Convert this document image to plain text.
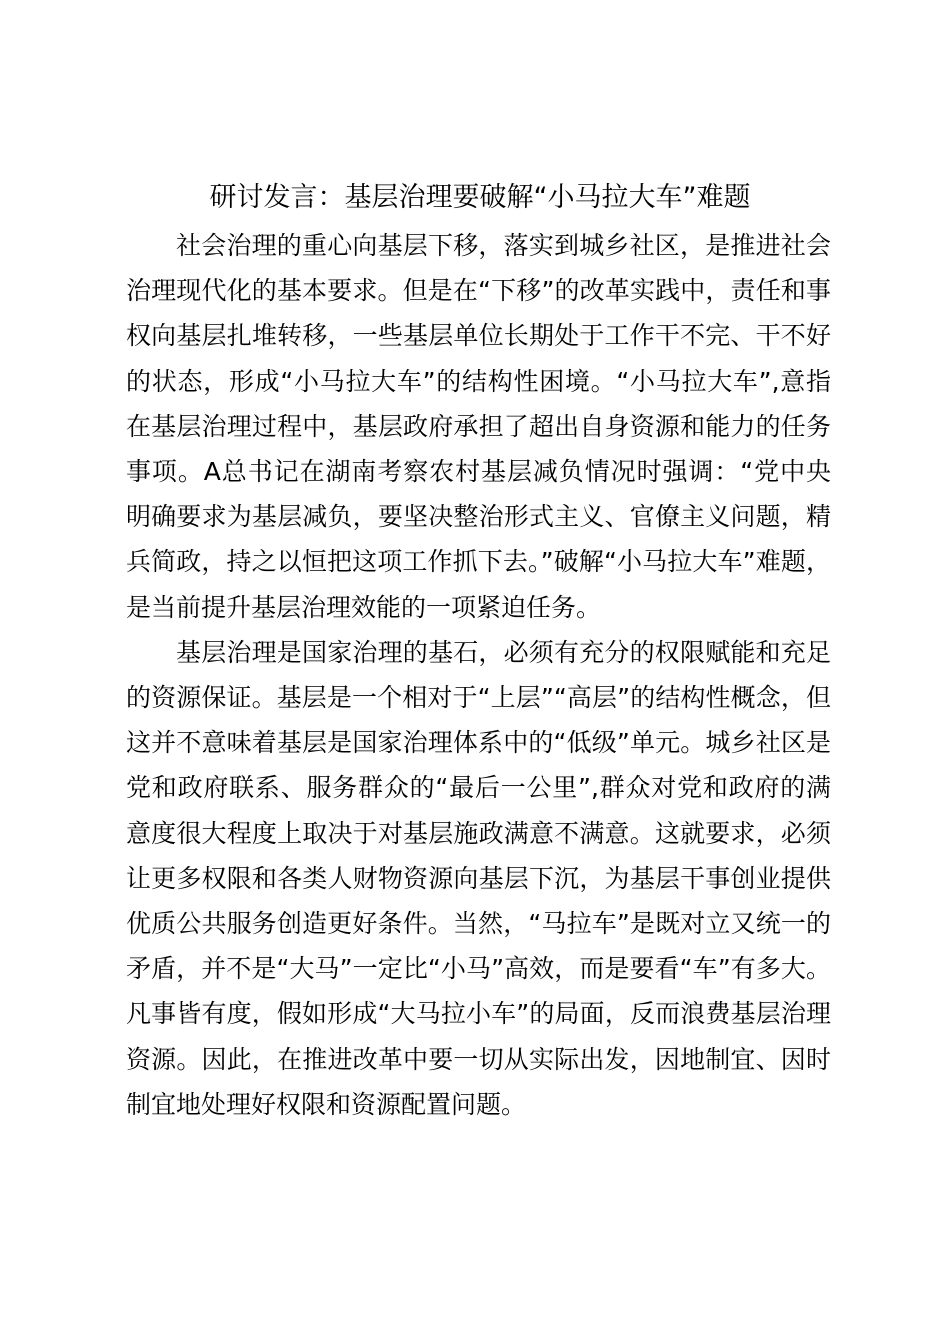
研讨发言：基层治理要破解“小马拉大车”难题

社会治理的重心向基层下移，落实到城乡社区，是推进社会治理现代化的基本要求。但是在“下移”的改革实践中，责任和事权向基层扎堆转移，一些基层单位长期处于工作干不完、干不好的状态，形成“小马拉大车”的结构性困境。“小马拉大车”,意指在基层治理过程中，基层政府承担了超出自身资源和能力的任务事项。A总书记在湖南考察农村基层减负情况时强调：“党中央明确要求为基层减负，要坚决整治形式主义、官僚主义问题，精兵简政，持之以恒把这项工作抓下去。”破解“小马拉大车”难题，是当前提升基层治理效能的一项紧迫任务。

基层治理是国家治理的基石，必须有充分的权限赋能和充足的资源保证。基层是一个相对于“上层”“高层”的结构性概念，但这并不意味着基层是国家治理体系中的“低级”单元。城乡社区是党和政府联系、服务群众的“最后一公里”,群众对党和政府的满意度很大程度上取决于对基层施政满意不满意。这就要求，必须让更多权限和各类人财物资源向基层下沉，为基层干事创业提供优质公共服务创造更好条件。当然，“马拉车”是既对立又统一的矛盾，并不是“大马”一定比“小马”高效，而是要看“车”有多大。凡事皆有度，假如形成“大马拉小车”的局面，反而浪费基层治理资源。因此，在推进改革中要一切从实际出发，因地制宜、因时制宜地处理好权限和资源配置问题。
